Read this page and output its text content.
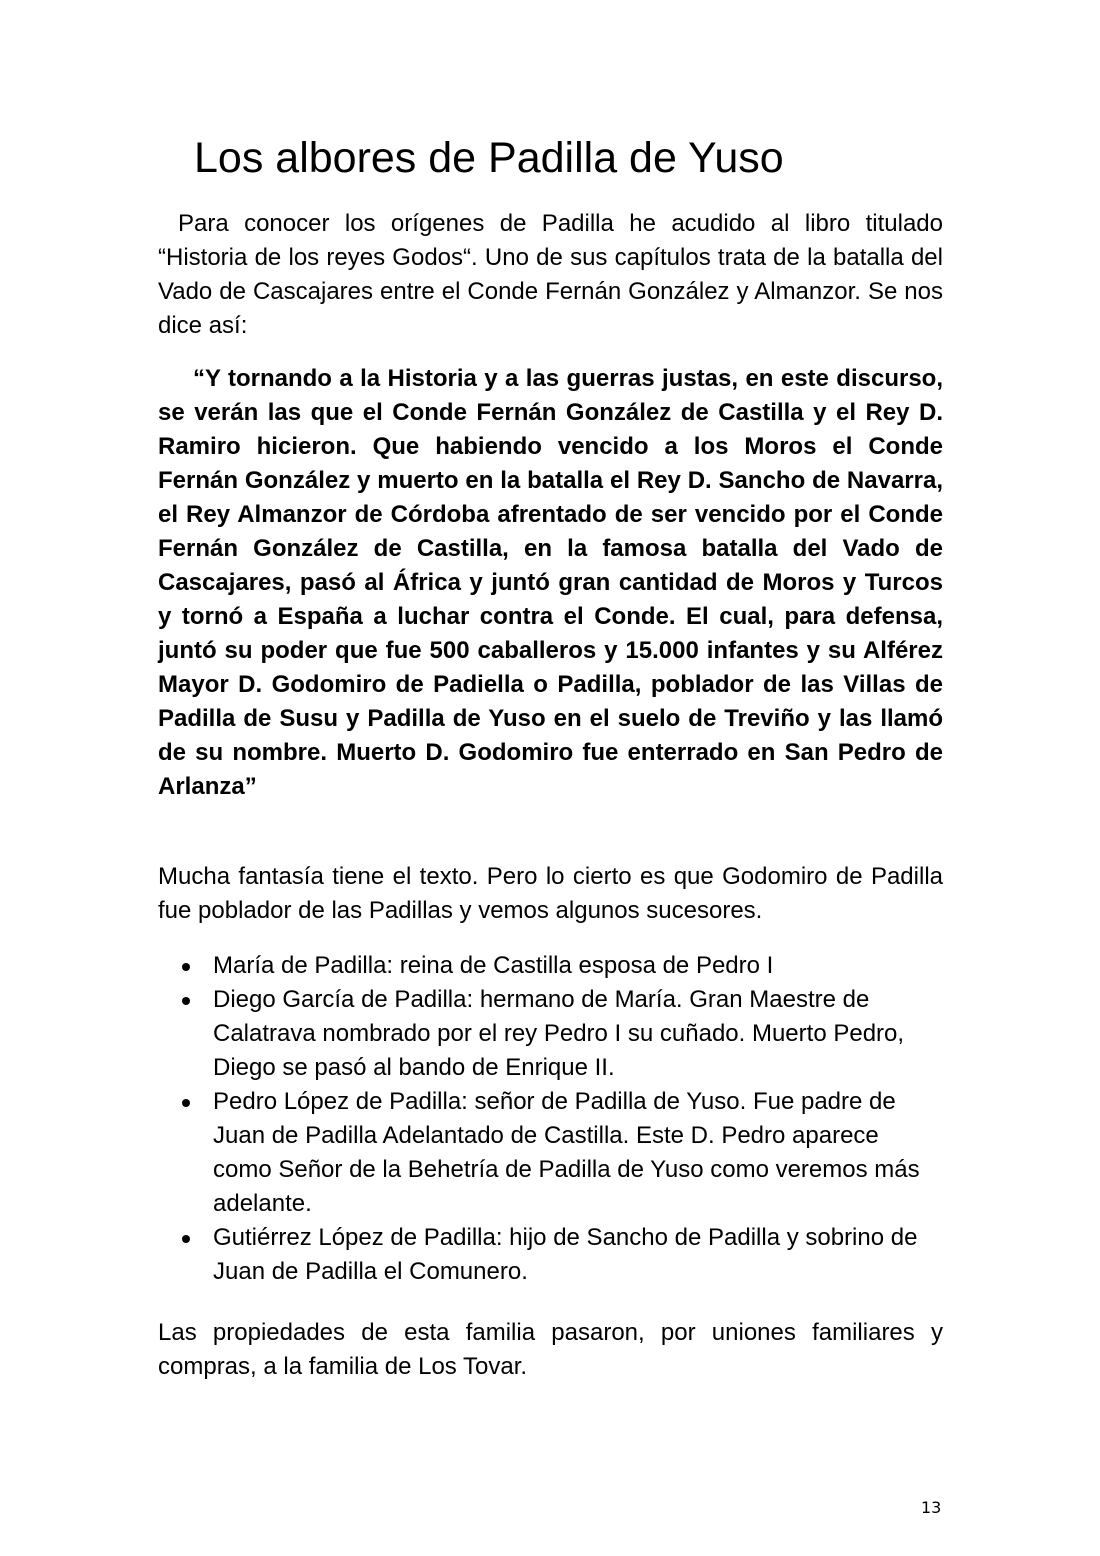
Los albores de Padilla de Yuso

Para conocer los orígenes de Padilla he acudido al libro titulado “Historia de los reyes Godos“. Uno de sus capítulos trata de la batalla del Vado de Cascajares entre el Conde Fernán González y Almanzor. Se nos dice así:

“Y tornando a la Historia y a las guerras justas, en este discurso, se verán las que el Conde Fernán González de Castilla y el Rey D. Ramiro hicieron. Que habiendo vencido a los Moros el Conde Fernán González y muerto en la batalla el Rey D. Sancho de Navarra, el Rey Almanzor de Córdoba afrentado de ser vencido por el Conde Fernán González de Castilla, en la famosa batalla del Vado de Cascajares, pasó al África y juntó gran cantidad de Moros y Turcos y tornó a España a luchar contra el Conde. El cual, para defensa, juntó su poder que fue 500 caballeros y 15.000 infantes y su Alférez Mayor D. Godomiro de Padiella o Padilla, poblador de las Villas de Padilla de Susu y Padilla de Yuso en el suelo de Treviño y las llamó de su nombre. Muerto D. Godomiro fue enterrado en San Pedro de Arlanza”

Mucha fantasía tiene el texto. Pero lo cierto es que Godomiro de Padilla fue poblador de las Padillas y vemos algunos sucesores.

María de Padilla: reina de Castilla esposa de Pedro I
Diego García de Padilla: hermano de María. Gran Maestre de Calatrava nombrado por el rey Pedro I su cuñado. Muerto Pedro, Diego se pasó al bando de Enrique II.
Pedro López de Padilla: señor de Padilla de Yuso. Fue padre de Juan de Padilla Adelantado de Castilla. Este D. Pedro aparece como Señor de la Behetría de Padilla de Yuso como veremos más adelante.
Gutiérrez López de Padilla: hijo de Sancho de Padilla y sobrino de Juan de Padilla el Comunero.

Las propiedades de esta familia pasaron, por uniones familiares y compras, a la familia de Los Tovar.

13
